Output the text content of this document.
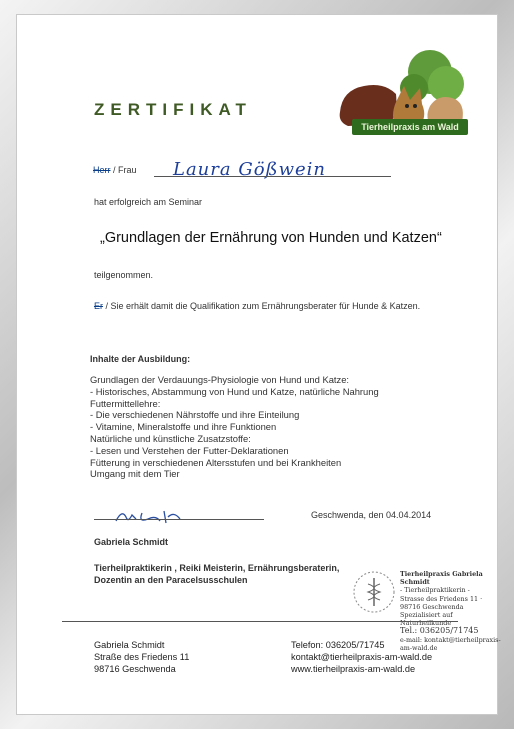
ZERTIFIKAT
Tierheilpraxis am Wald
Herr / Frau Laura Gößwein
hat erfolgreich am Seminar
„Grundlagen der Ernährung von Hunden und Katzen“
teilgenommen.
Er / Sie erhält damit die Qualifikation zum Ernährungsberater für Hunde & Katzen.
Inhalte der Ausbildung:
Grundlagen der Verdauungs-Physiologie von Hund und Katze:
- Historisches, Abstammung von Hund und Katze, natürliche Nahrung
Futtermittellehre:
- Die verschiedenen Nährstoffe und ihre Einteilung
- Vitamine, Mineralstoffe und ihre Funktionen
Natürliche und künstliche Zusatzstoffe:
- Lesen und Verstehen der Futter-Deklarationen
Fütterung in verschiedenen Altersstufen und bei Krankheiten
Umgang mit dem Tier
Geschwenda, den 04.04.2014
Gabriela Schmidt
Tierheilpraktikerin , Reiki Meisterin, Ernährungsberaterin,
Dozentin an den Paracelsusschulen
Tierheilpraxis Gabriela Schmidt
- Tierheilpraktikerin -
Strasse des Friedens 11 · 98716 Geschwenda
Spezialisiert auf Naturheilkunde
Tel.: 036205/71745
e-mail: kontakt@tierheilpraxis-am-wald.de
Gabriela Schmidt
Straße des Friedens 11
98716 Geschwenda
Telefon: 036205/71745
kontakt@tierheilpraxis-am-wald.de
www.tierheilpraxis-am-wald.de
